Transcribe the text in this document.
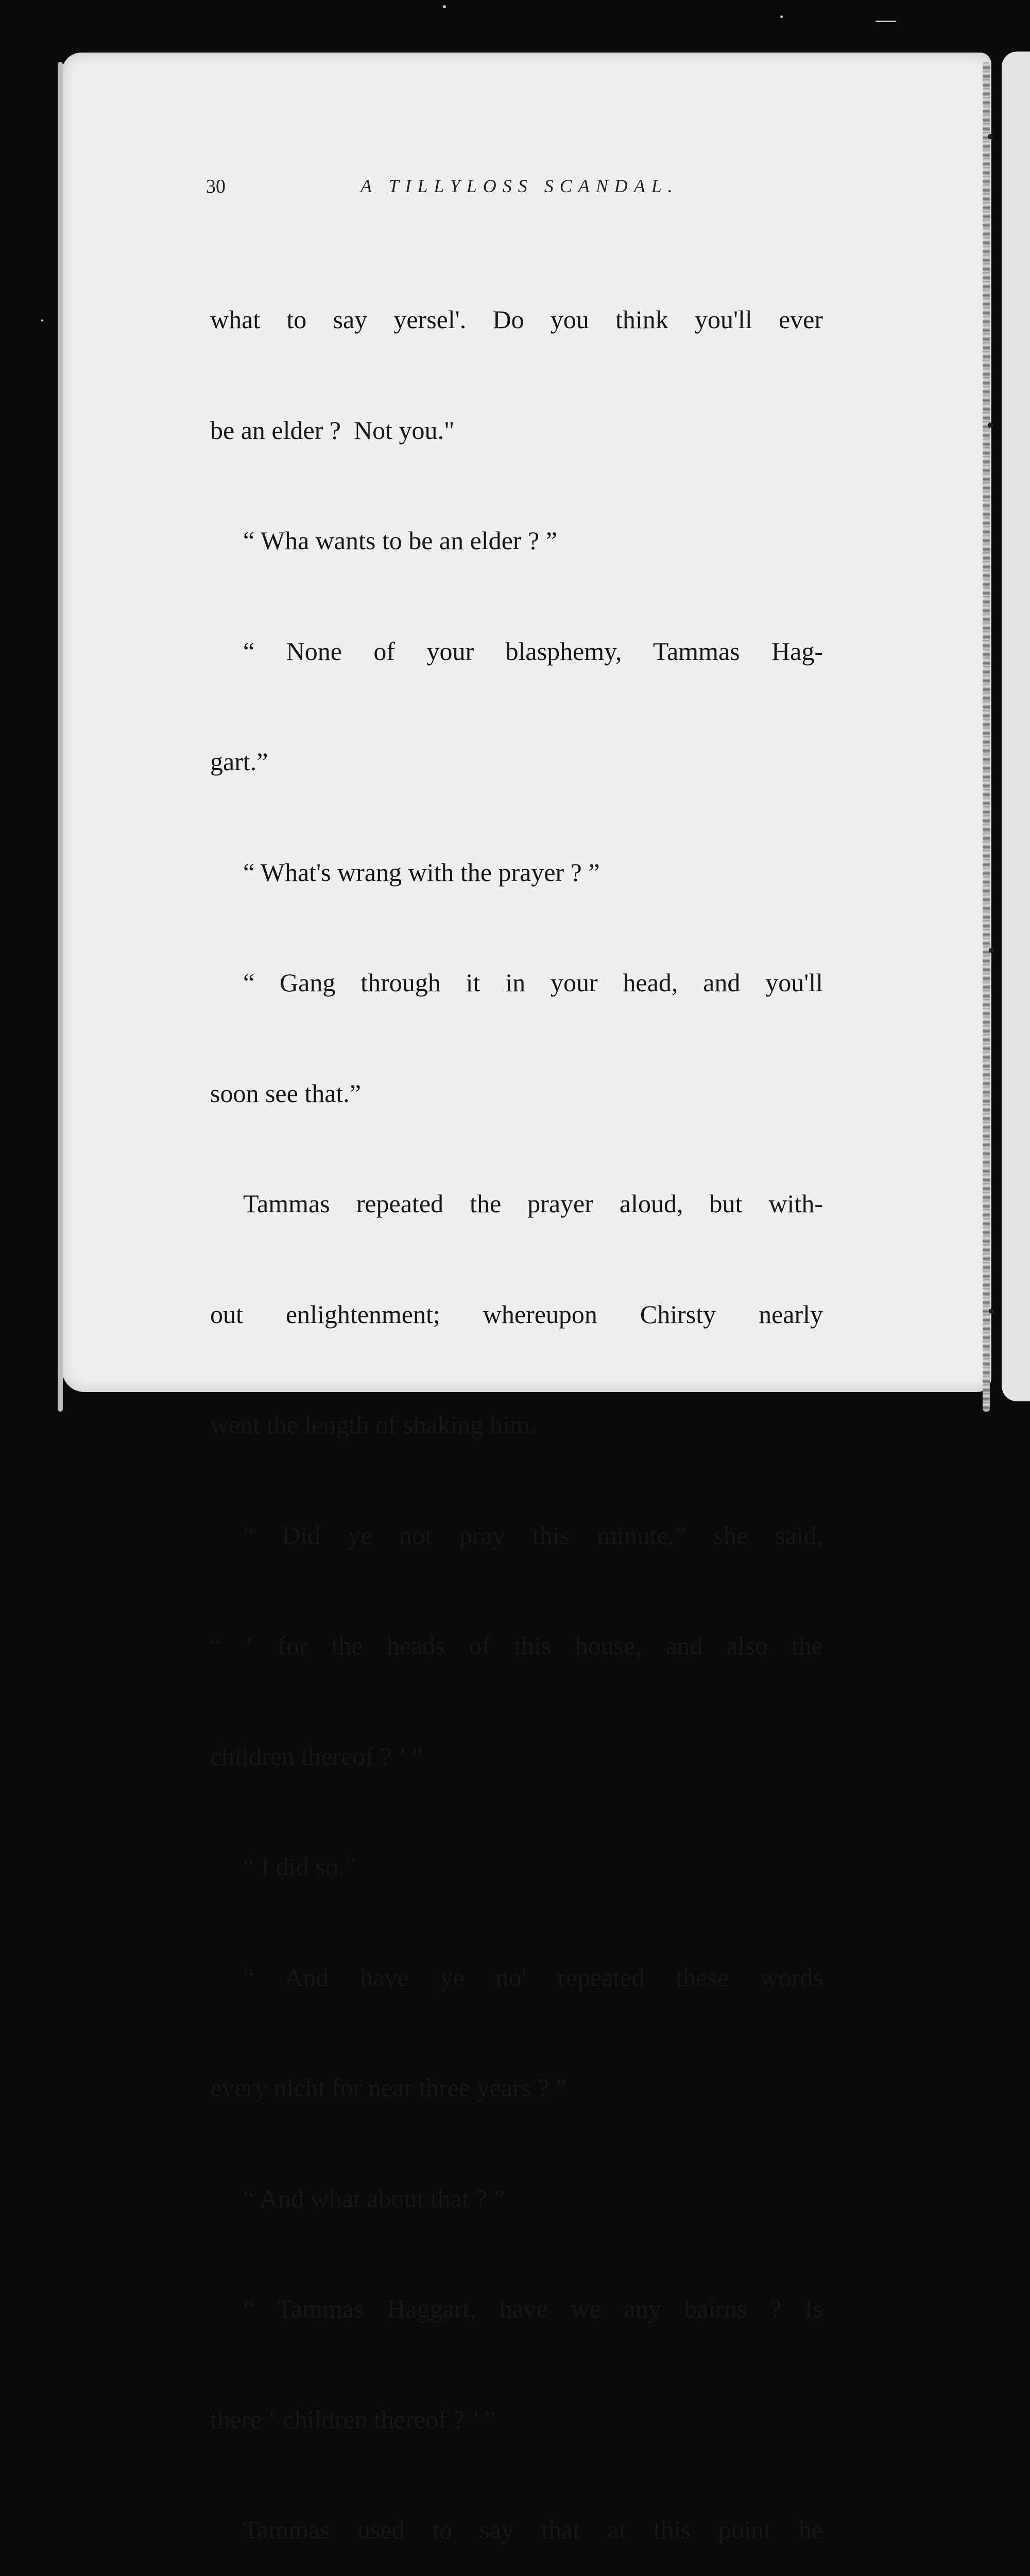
30	A TILLYLOSS SCANDAL.

what to say yersel'. Do you think you'll ever

be an elder ?  Not you."

“ Wha wants to be an elder ? ”

“ None of your blasphemy, Tammas Hag-

gart.”

“ What's wrang with the prayer ? ”

“ Gang through it in your head, and you'll

soon see that.”

Tammas repeated the prayer aloud, but with-

out enlightenment; whereupon Chirsty nearly

went the length of shaking him.

“ Did ye not pray this minute,” she said,

“ ‘ for the heads of this house, and also the

children thereof ? ’ ”

“ I did so.”

“ And have ye no' repeated these words

every nicht for near three years ? ”

“ And what about that ? ”

“ Tammas Haggart, have we any bairns ? Is

there ‘ children thereof ? ’ ”

Tammas used to say that at this point he
